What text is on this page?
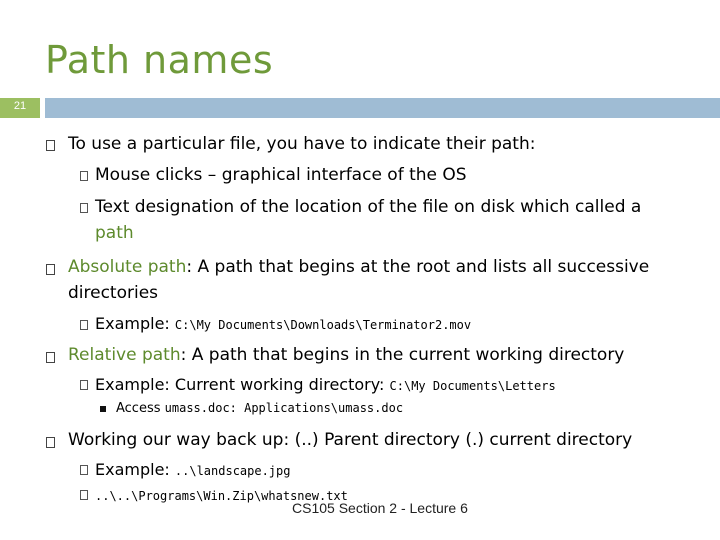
Path names
21
To use a particular file, you have to indicate their path:
Mouse clicks – graphical interface of the OS
Text designation of the location of the file on disk which called a
path
Absolute path: A path that begins at the root and lists all successive
directories
Example: C:\My Documents\Downloads\Terminator2.mov
Relative path: A path that begins in the current working directory
Example: Current working directory: C:\My Documents\Letters
Access umass.doc: Applications\umass.doc
Working our way back up: (..) Parent directory (.) current directory
Example: ..\landscape.jpg
..\..\Programs\Win.Zip\whatsnew.txt
CS105 Section 2 - Lecture 6
